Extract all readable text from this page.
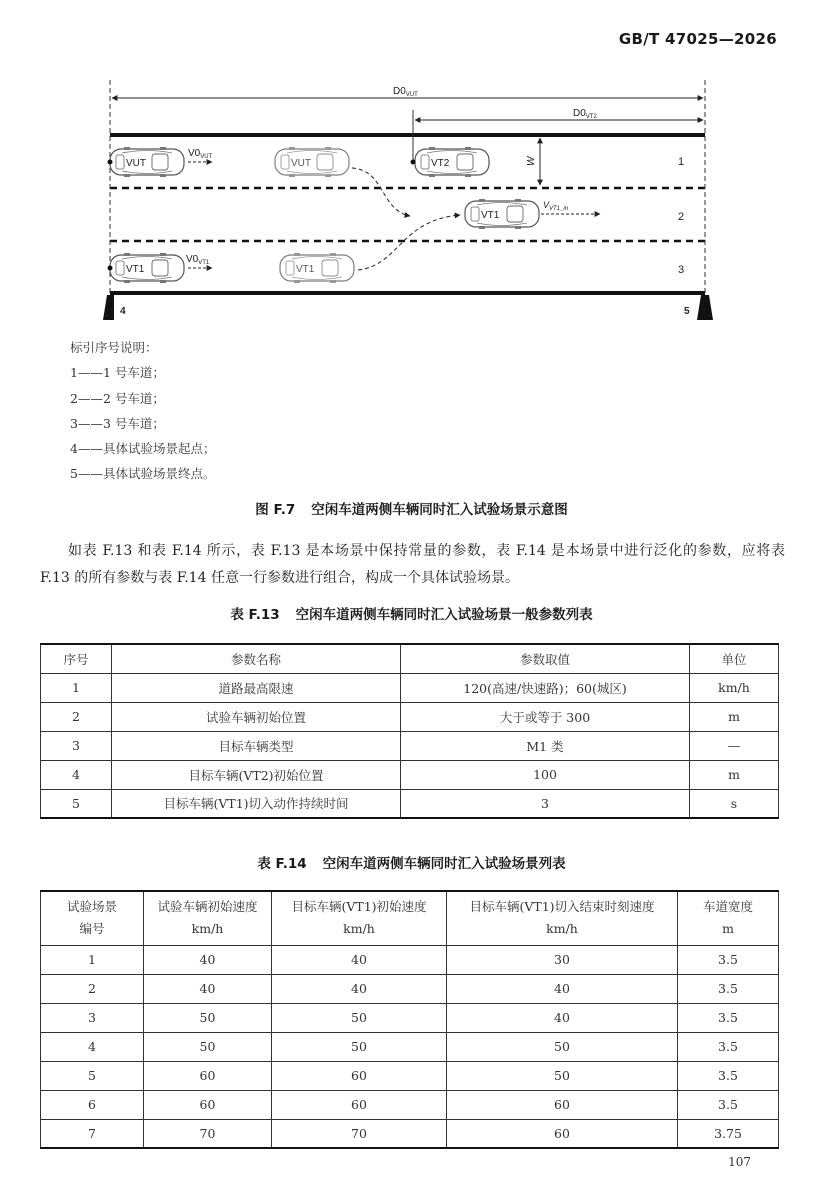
GB/T 47025—2026
$D0_{VUT}$
$D0_{VT2}$
W
VUT
$V0_{VUT}$
VUT	VT2
VT1
$V_{VT1\_in}$
VT1
$V0_{VT1}$
VT1
1
2
3
4	5
标引序号说明：
1——1 号车道；
2——2 号车道；
3——3 号车道；
4——具体试验场景起点；
5——具体试验场景终点。
图 F.7 空闲车道两侧车辆同时汇入试验场景示意图

如表 F.13 和表 F.14 所示，表 F.13 是本场景中保持常量的参数，表 F.14 是本场景中进行泛化的参数，应将表 F.13 的所有参数与表 F.14 任意一行参数进行组合，构成一个具体试验场景。

表 F.13 空闲车道两侧车辆同时汇入试验场景一般参数列表
序号	参数名称	参数取值	单位
1	道路最高限速	120(高速/快速路)；60(城区)	km/h
2	试验车辆初始位置	大于或等于 300	m
3	目标车辆类型	M1 类	—
4	目标车辆(VT2)初始位置	100	m
5	目标车辆(VT1)切入动作持续时间	3	s
表 F.14 空闲车道两侧车辆同时汇入试验场景列表
试验场景
编号	试验车辆初始速度
km/h	目标车辆(VT1)初始速度
km/h	目标车辆(VT1)切入结束时刻速度
km/h	车道宽度
m
1	40	40	30	3.5
2	40	40	40	3.5
3	50	50	40	3.5
4	50	50	50	3.5
5	60	60	50	3.5
6	60	60	60	3.5
7	70	70	60	3.75
107
